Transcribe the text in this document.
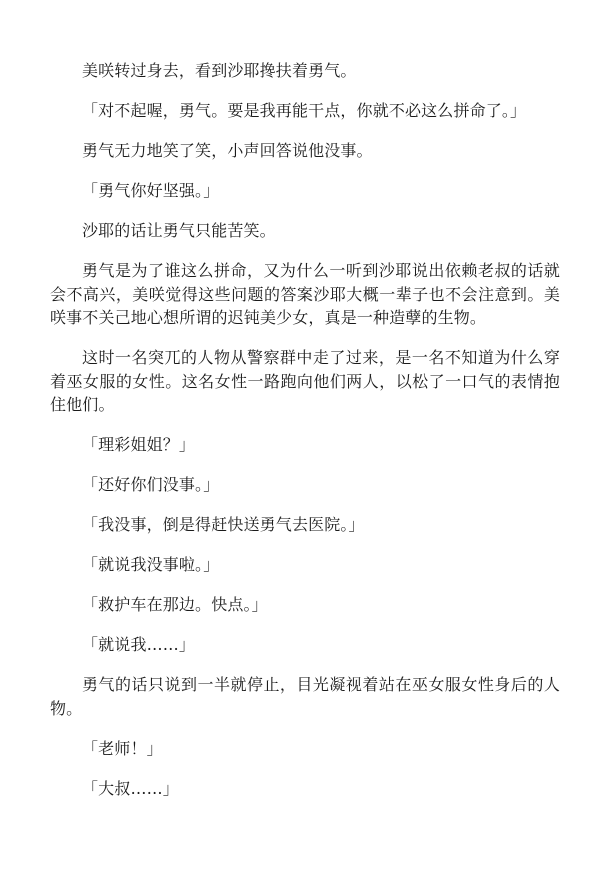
美咲转过身去，看到沙耶搀扶着勇气。

「对不起喔，勇气。要是我再能干点，你就不必这么拼命了。」

勇气无力地笑了笑，小声回答说他没事。

「勇气你好坚强。」

沙耶的话让勇气只能苦笑。

勇气是为了谁这么拼命，又为什么一听到沙耶说出依赖老叔的话就会不高兴，美咲觉得这些问题的答案沙耶大概一辈子也不会注意到。美咲事不关己地心想所谓的迟钝美少女，真是一种造孽的生物。

这时一名突兀的人物从警察群中走了过来，是一名不知道为什么穿着巫女服的女性。这名女性一路跑向他们两人，以松了一口气的表情抱住他们。

「理彩姐姐？」

「还好你们没事。」

「我没事，倒是得赶快送勇气去医院。」

「就说我没事啦。」

「救护车在那边。快点。」

「就说我……」

勇气的话只说到一半就停止，目光凝视着站在巫女服女性身后的人物。

「老师！」

「大叔……」
